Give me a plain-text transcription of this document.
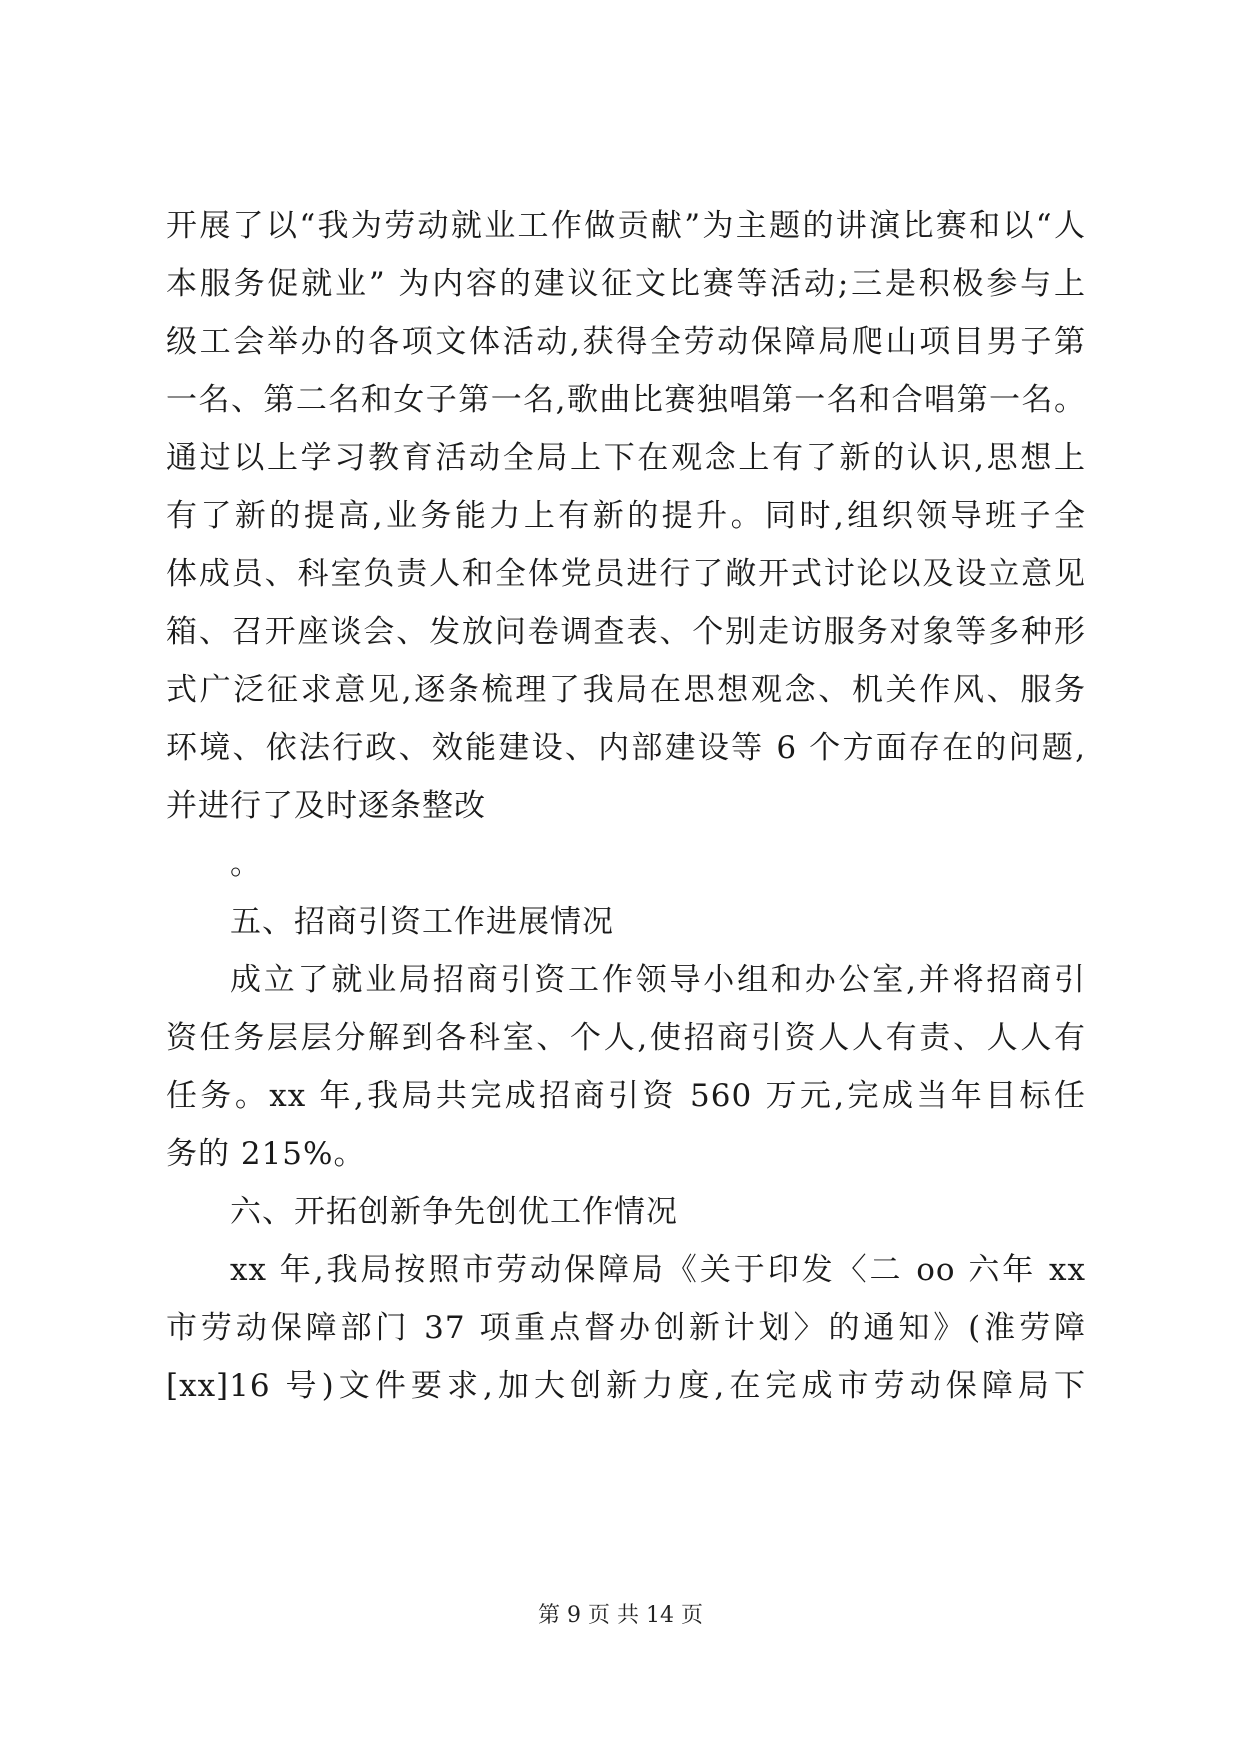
开展了以“我为劳动就业工作做贡献”为主题的讲演比赛和以“人
本服务促就业” 为内容的建议征文比赛等活动;三是积极参与上
级工会举办的各项文体活动,获得全劳动保障局爬山项目男子第
一名、第二名和女子第一名,歌曲比赛独唱第一名和合唱第一名。
通过以上学习教育活动全局上下在观念上有了新的认识,思想上
有了新的提高,业务能力上有新的提升。同时,组织领导班子全
体成员、科室负责人和全体党员进行了敞开式讨论以及设立意见
箱、召开座谈会、发放问卷调查表、个别走访服务对象等多种形
式广泛征求意见,逐条梳理了我局在思想观念、机关作风、服务
环境、依法行政、效能建设、内部建设等 6 个方面存在的问题,
并进行了及时逐条整改
。
五、招商引资工作进展情况
成立了就业局招商引资工作领导小组和办公室,并将招商引
资任务层层分解到各科室、个人,使招商引资人人有责、人人有
任务。xx 年,我局共完成招商引资 560 万元,完成当年目标任
务的 215%。
六、开拓创新争先创优工作情况
xx 年,我局按照市劳动保障局《关于印发〈二 oo 六年 xx
市劳动保障部门 37 项重点督办创新计划〉的通知》(淮劳障
[xx]16 号)文件要求,加大创新力度,在完成市劳动保障局下
第 9 页 共 14 页
